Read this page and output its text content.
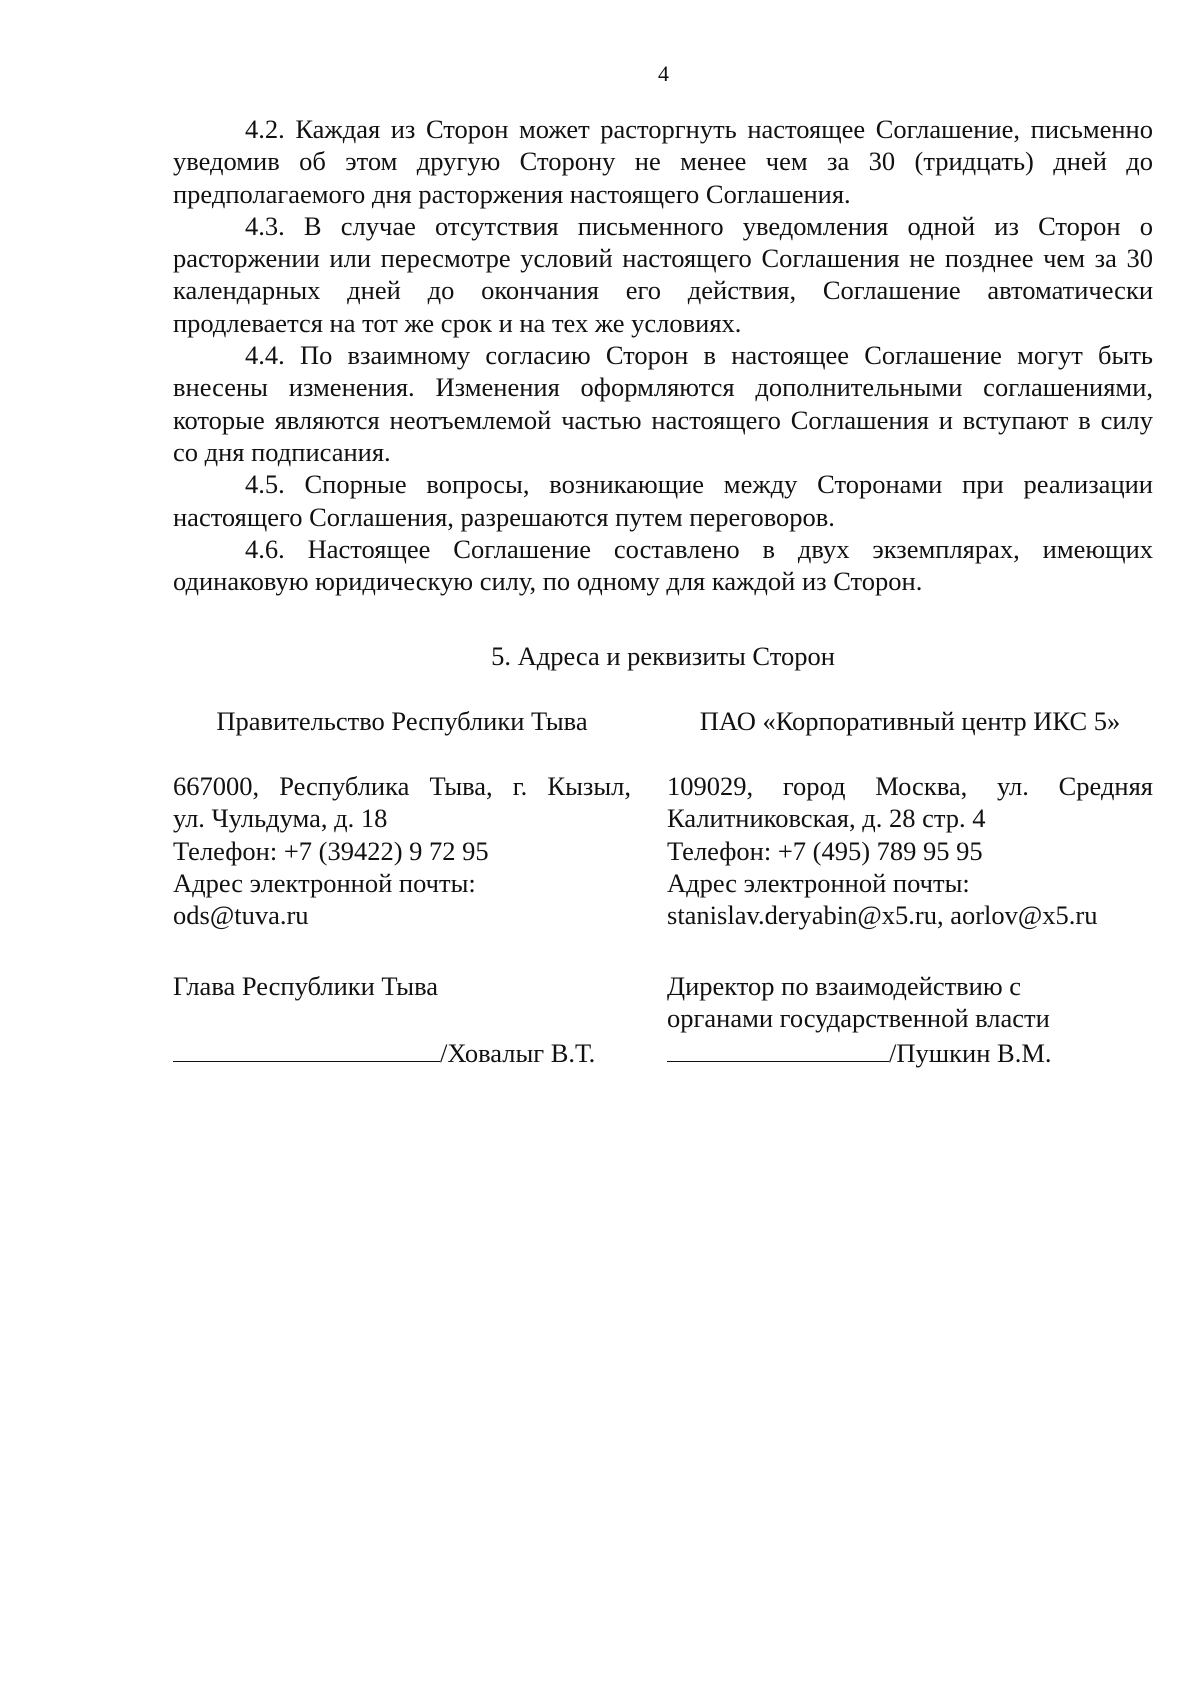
4

4.2. Каждая из Сторон может расторгнуть настоящее Соглашение, письменно уведомив об этом другую Сторону не менее чем за 30 (тридцать) дней до предполагаемого дня расторжения настоящего Соглашения.

4.3. В случае отсутствия письменного уведомления одной из Сторон о расторжении или пересмотре условий настоящего Соглашения не позднее чем за 30 календарных дней до окончания его действия, Соглашение автоматически продлевается на тот же срок и на тех же условиях.

4.4. По взаимному согласию Сторон в настоящее Соглашение могут быть внесены изменения. Изменения оформляются дополнительными соглашениями, которые являются неотъемлемой частью настоящего Соглашения и вступают в силу со дня подписания.

4.5. Спорные вопросы, возникающие между Сторонами при реализации настоящего Соглашения, разрешаются путем переговоров.

4.6. Настоящее Соглашение составлено в двух экземплярах, имеющих одинаковую юридическую силу, по одному для каждой из Сторон.

5. Адреса и реквизиты Сторон
Правительство Республики Тыва	ПАО «Корпоративный центр ИКС 5»
667000, Республика Тыва, г. Кызыл,
ул. Чульдума, д. 18
Телефон: +7 (39422) 9 72 95
Адрес электронной почты:
ods@tuva.ru
109029, город Москва, ул. Средняя
Калитниковская, д. 28 стр. 4
Телефон: +7 (495) 789 95 95
Адрес электронной почты:
stanislav.deryabin@x5.ru, aorlov@x5.ru
Глава Республики Тыва

/Ховалыг В.Т.
Директор по взаимодействию с
органами государственной власти
/Пушкин В.М.
